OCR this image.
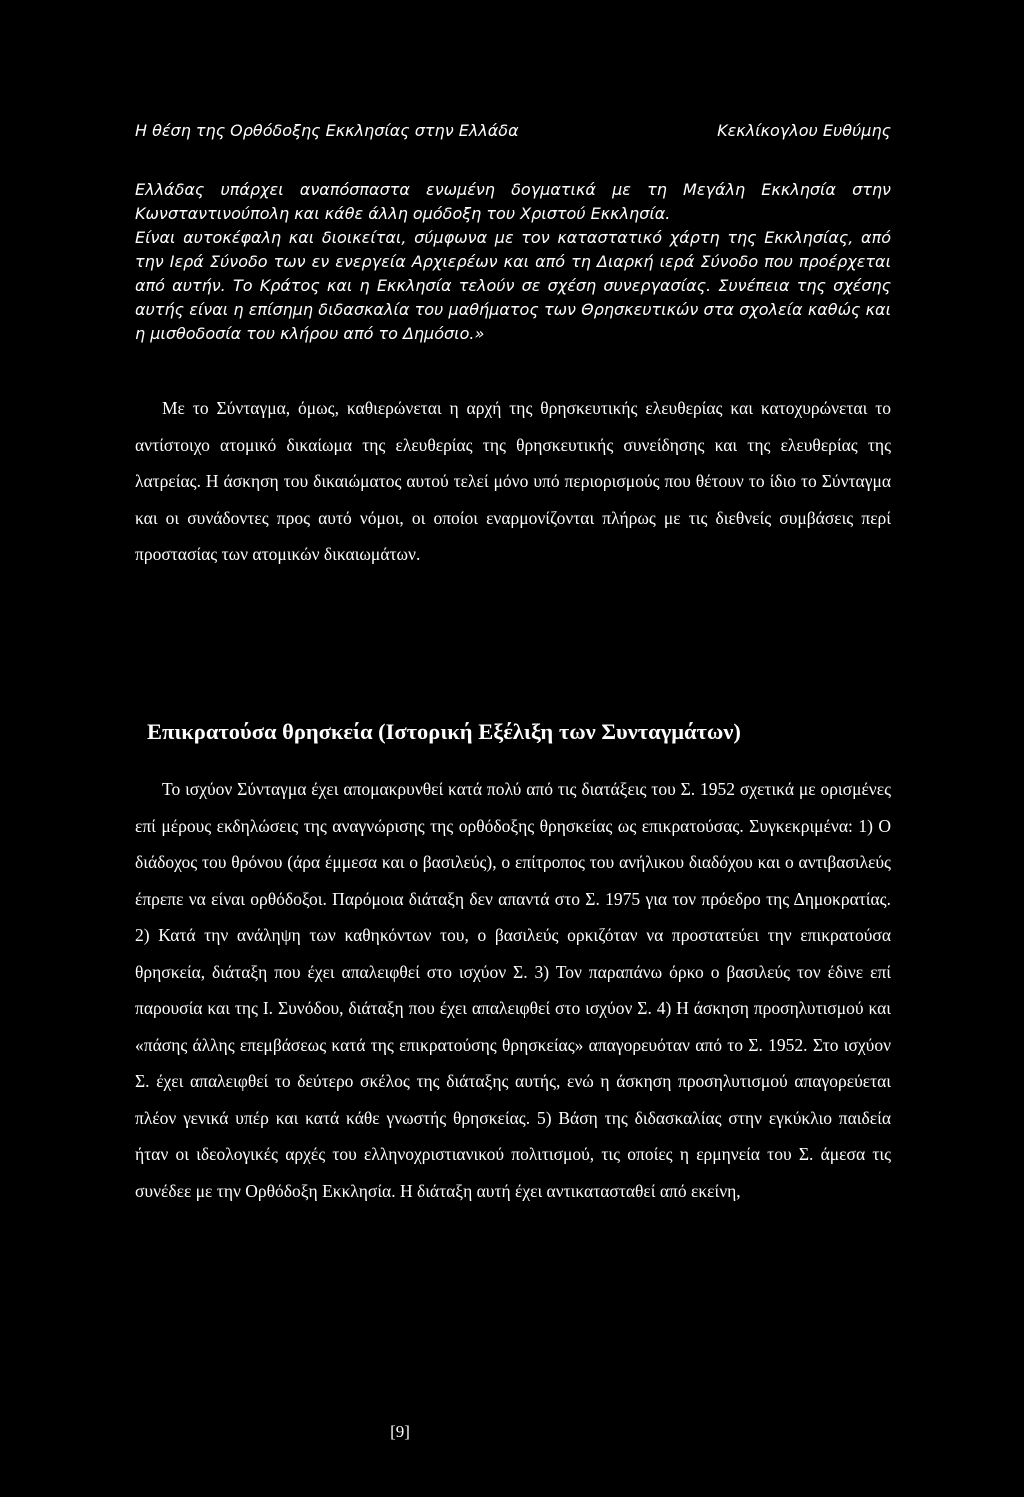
Η θέση της Ορθόδοξης Εκκλησίας στην Ελλάδα	Κεκλίκογλου Ευθύμης

Ελλάδας υπάρχει αναπόσπαστα ενωμένη δογματικά με τη Μεγάλη Εκκλησία στην Κωνσταντινούπολη και κάθε άλλη ομόδοξη του Χριστού Εκκλησία.

Είναι αυτοκέφαλη και διοικείται, σύμφωνα με τον καταστατικό χάρτη της Εκκλησίας, από την Ιερά Σύνοδο των εν ενεργεία Αρχιερέων και από τη Διαρκή ιερά Σύνοδο που προέρχεται από αυτήν. Το Κράτος και η Εκκλησία τελούν σε σχέση συνεργασίας. Συνέπεια της σχέσης αυτής είναι η επίσημη διδασκαλία του μαθήματος των Θρησκευτικών στα σχολεία καθώς και η μισθοδοσία του κλήρου από το Δημόσιο.»

Με το Σύνταγμα, όμως, καθιερώνεται η αρχή της θρησκευτικής ελευθερίας και κατοχυρώνεται το αντίστοιχο ατομικό δικαίωμα της ελευθερίας της θρησκευτικής συνείδησης και της ελευθερίας της λατρείας. Η άσκηση του δικαιώματος αυτού τελεί μόνο υπό περιορισμούς που θέτουν το ίδιο το Σύνταγμα και οι συνάδοντες προς αυτό νόμοι, οι οποίοι εναρμονίζονται πλήρως με τις διεθνείς συμβάσεις περί προστασίας των ατομικών δικαιωμάτων.

Επικρατούσα θρησκεία (Ιστορική Εξέλιξη των Συνταγμάτων)

Το ισχύον Σύνταγμα έχει απομακρυνθεί κατά πολύ από τις διατάξεις του Σ. 1952 σχετικά με ορισμένες επί μέρους εκδηλώσεις της αναγνώρισης της ορθόδοξης θρησκείας ως επικρατούσας. Συγκεκριμένα: 1) Ο διάδοχος του θρόνου (άρα έμμεσα και ο βασιλεύς), ο επίτροπος του ανήλικου διαδόχου και ο αντιβασιλεύς έπρεπε να είναι ορθόδοξοι. Παρόμοια διάταξη δεν απαντά στο Σ. 1975 για τον πρόεδρο της Δημοκρατίας. 2) Κατά την ανάληψη των καθηκόντων του, ο βασιλεύς ορκιζόταν να προστατεύει την επικρατούσα θρησκεία, διάταξη που έχει απαλειφθεί στο ισχύον Σ. 3) Τον παραπάνω όρκο ο βασιλεύς τον έδινε επί παρουσία και της Ι. Συνόδου, διάταξη που έχει απαλειφθεί στο ισχύον Σ. 4) Η άσκηση προσηλυτισμού και «πάσης άλλης επεμβάσεως κατά της επικρατούσης θρησκείας» απαγορευόταν από το Σ. 1952. Στο ισχύον Σ. έχει απαλειφθεί το δεύτερο σκέλος της διάταξης αυτής, ενώ η άσκηση προσηλυτισμού απαγορεύεται πλέον γενικά υπέρ και κατά κάθε γνωστής θρησκείας. 5) Βάση της διδασκαλίας στην εγκύκλιο παιδεία ήταν οι ιδεολογικές αρχές του ελληνοχριστιανικού πολιτισμού, τις οποίες η ερμηνεία του Σ. άμεσα τις συνέδεε με την Ορθόδοξη Εκκλησία. Η διάταξη αυτή έχει αντικατασταθεί από εκείνη,

[9]
